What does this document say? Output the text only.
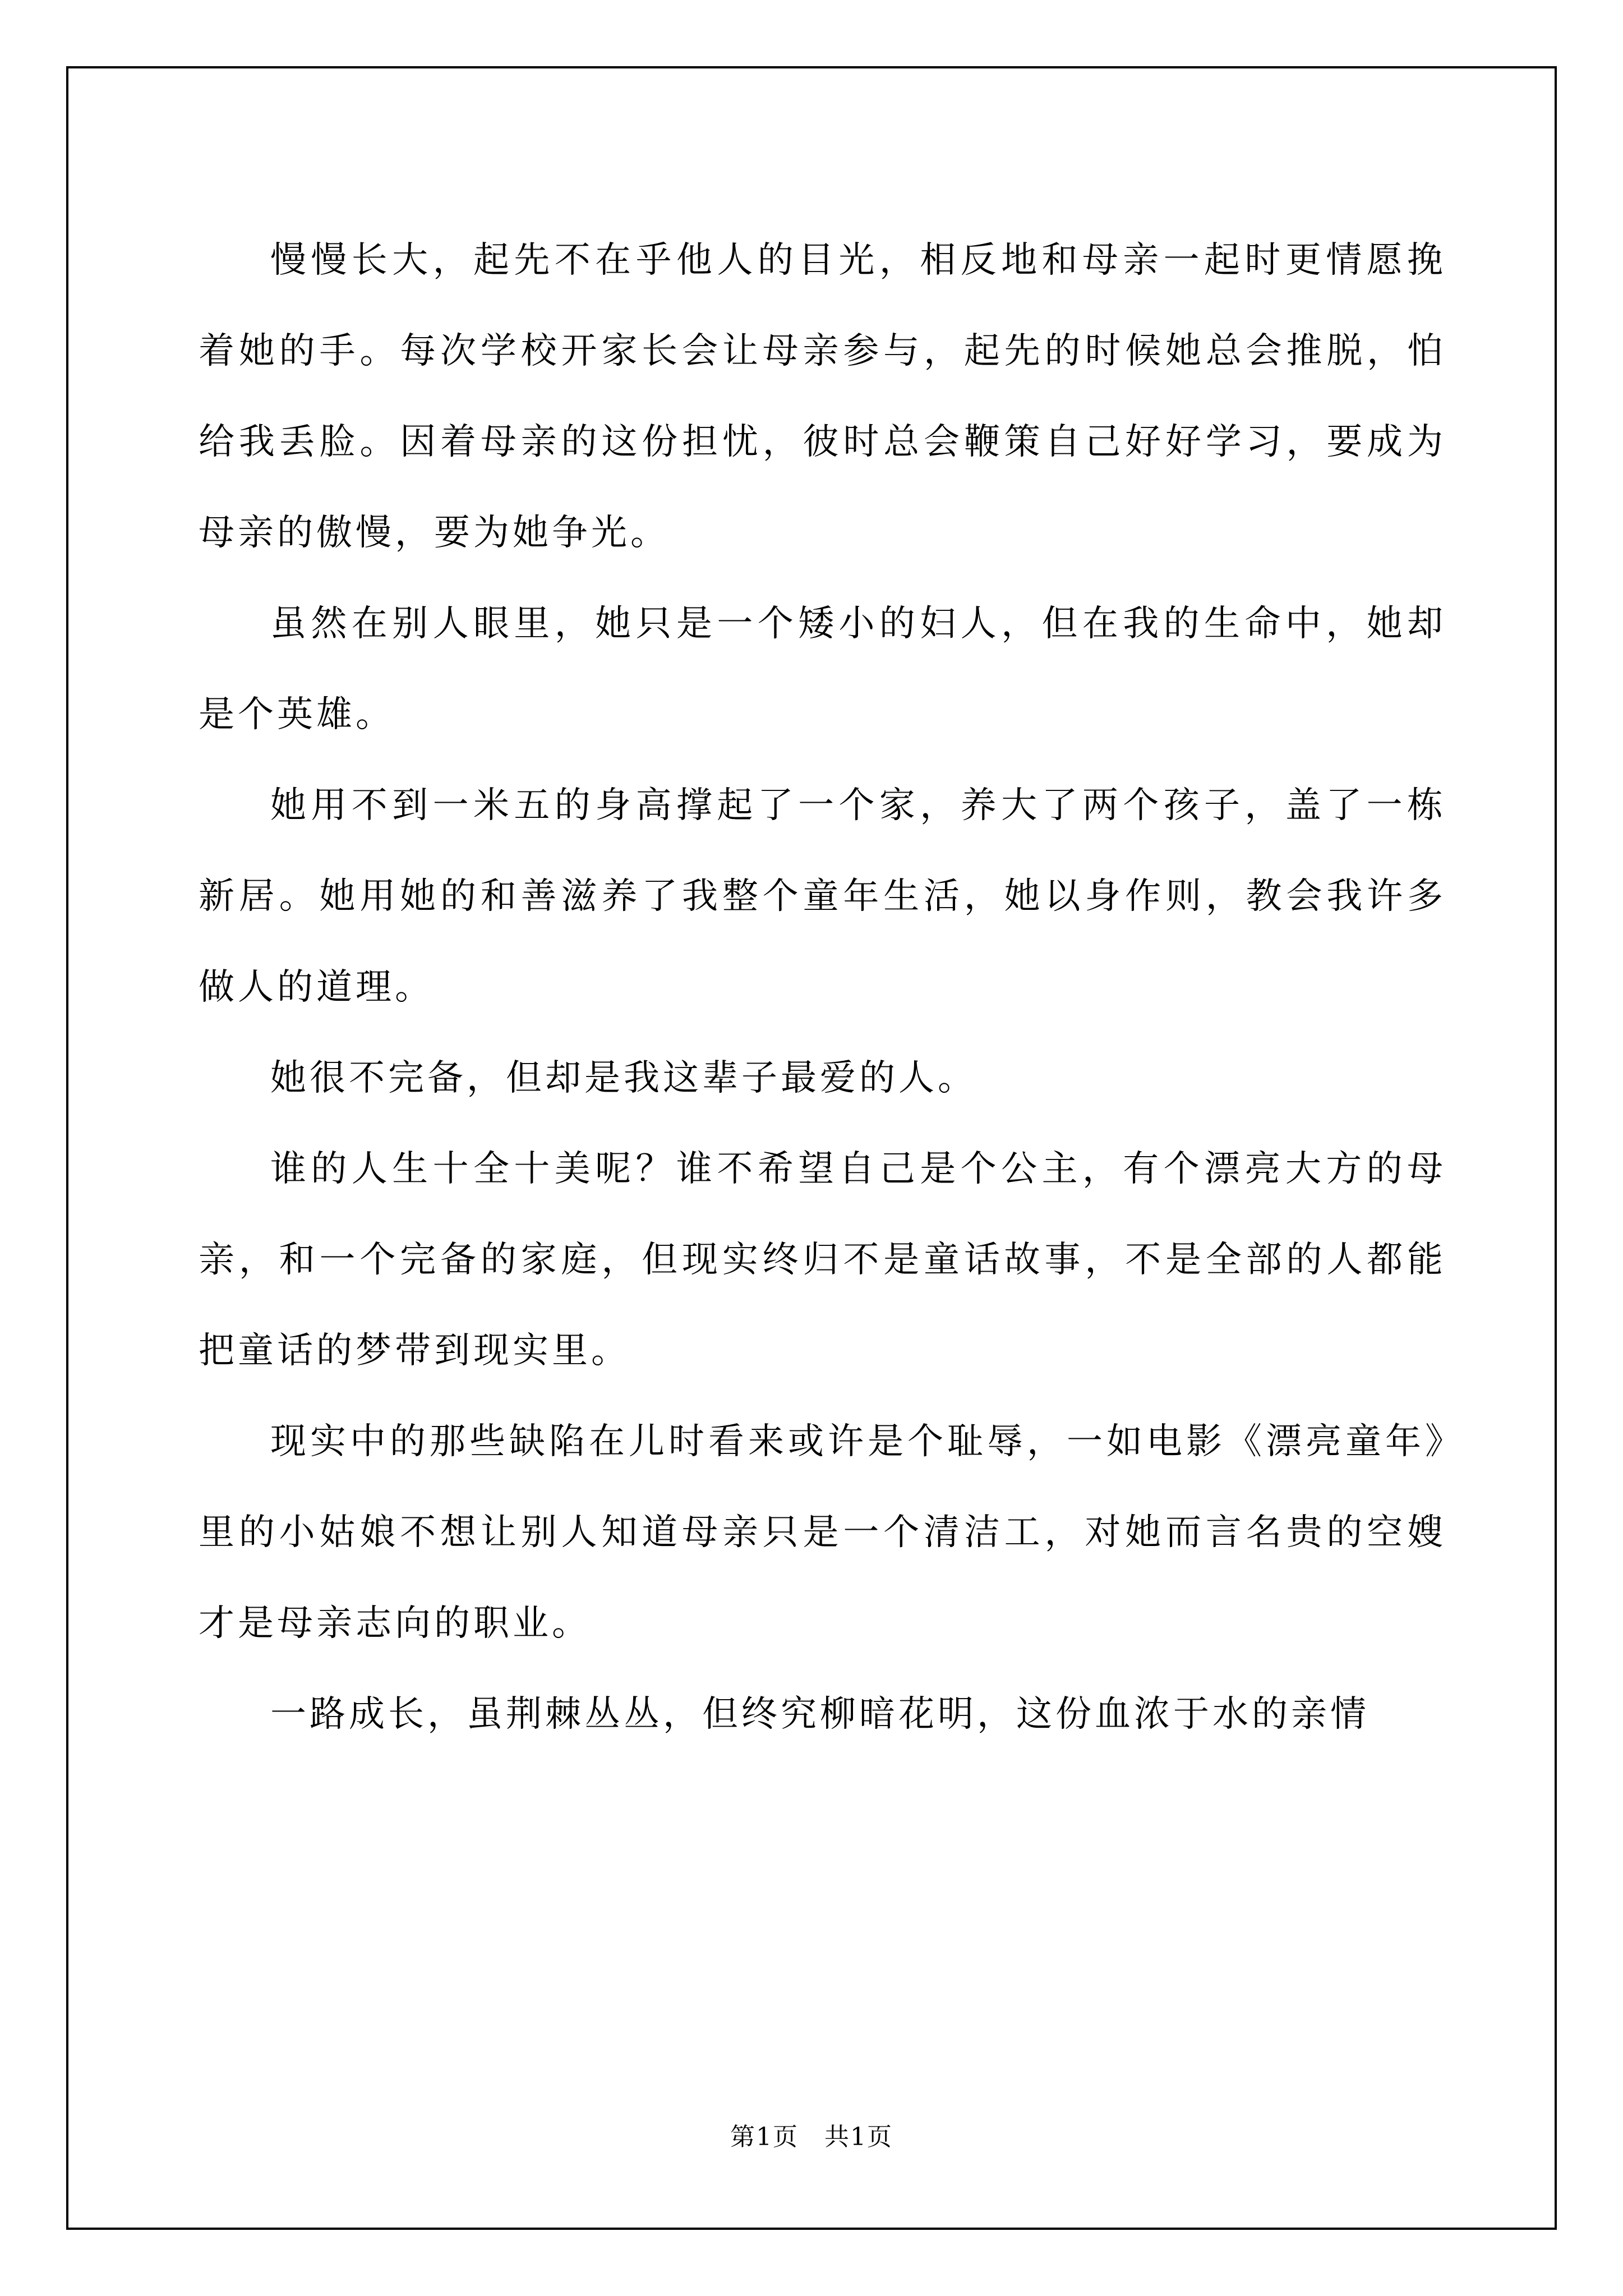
慢慢长大，起先不在乎他人的目光，相反地和母亲一起时更情愿挽着她的手。每次学校开家长会让母亲参与，起先的时候她总会推脱，怕给我丢脸。因着母亲的这份担忧，彼时总会鞭策自己好好学习，要成为母亲的傲慢，要为她争光。

虽然在别人眼里，她只是一个矮小的妇人，但在我的生命中，她却是个英雄。

她用不到一米五的身高撑起了一个家，养大了两个孩子，盖了一栋新居。她用她的和善滋养了我整个童年生活，她以身作则，教会我许多做人的道理。

她很不完备，但却是我这辈子最爱的人。

谁的人生十全十美呢？谁不希望自己是个公主，有个漂亮大方的母亲，和一个完备的家庭，但现实终归不是童话故事，不是全部的人都能把童话的梦带到现实里。

现实中的那些缺陷在儿时看来或许是个耻辱，一如电影《漂亮童年》里的小姑娘不想让别人知道母亲只是一个清洁工，对她而言名贵的空嫂才是母亲志向的职业。

一路成长，虽荆棘丛丛，但终究柳暗花明，这份血浓于水的亲情

第1页　共1页
